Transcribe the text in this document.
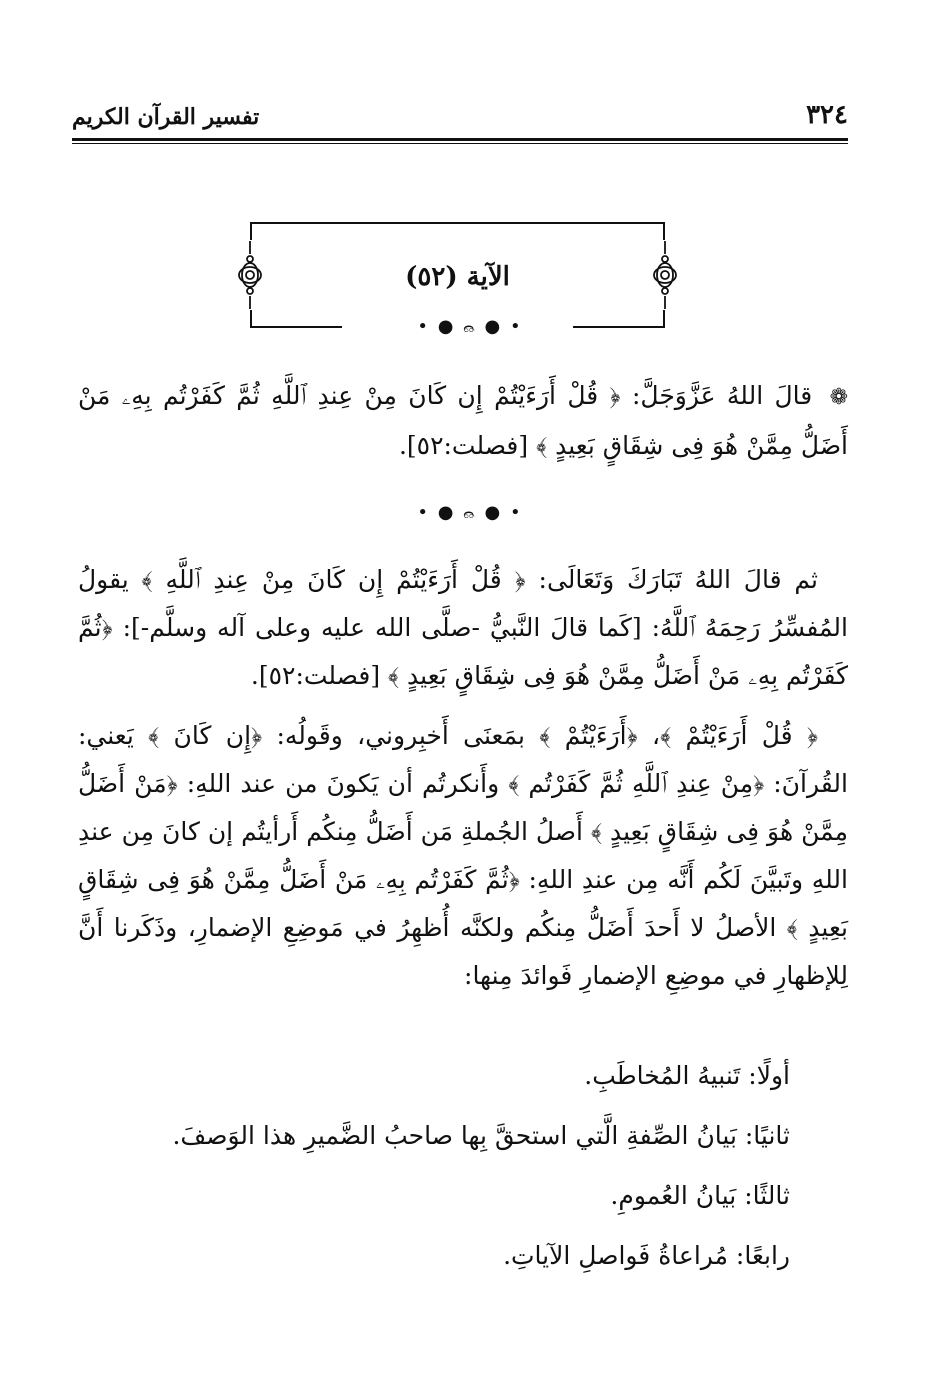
٣٢٤
تفسير القرآن الكريم
الآية (٥٢)
• ● ෬ ● •

❁ قالَ اللهُ عَزَّوَجَلَّ: ﴿ قُلْ أَرَءَيْتُمْ إِن كَانَ مِنْ عِندِ ٱللَّهِ ثُمَّ كَفَرْتُم بِهِۦ مَنْ أَضَلُّ مِمَّنْ هُوَ فِى شِقَاقٍ بَعِيدٍ ﴾ [فصلت:٥٢].

• ● ෬ ● •

ثم قالَ اللهُ تَبَارَكَ وَتَعَالَى: ﴿ قُلْ أَرَءَيْتُمْ إِن كَانَ مِنْ عِندِ ٱللَّهِ ﴾ يقولُ المُفسِّرُ رَحِمَهُ ٱللَّهُ: [كَما قالَ النَّبيُّ -صلَّى الله عليه وعلى آله وسلَّم-]: ﴿ثُمَّ كَفَرْتُم بِهِۦ مَنْ أَضَلُّ مِمَّنْ هُوَ فِى شِقَاقٍ بَعِيدٍ ﴾ [فصلت:٥٢].

﴿ قُلْ أَرَءَيْتُمْ ﴾، ﴿أَرَءَيْتُمْ ﴾ بمَعنَى أَخبِروني، وقَولُه: ﴿إِن كَانَ ﴾ يَعني: القُرآنَ: ﴿مِنْ عِندِ ٱللَّهِ ثُمَّ كَفَرْتُم ﴾ وأَنكرتُم أن يَكونَ من عند اللهِ: ﴿مَنْ أَضَلُّ مِمَّنْ هُوَ فِى شِقَاقٍ بَعِيدٍ ﴾ أَصلُ الجُملةِ مَن أَضَلُّ مِنكُم أَرأيتُم إن كانَ مِن عندِ اللهِ وتَبيَّنَ لَكُم أَنَّه مِن عندِ اللهِ: ﴿ثُمَّ كَفَرْتُم بِهِۦ مَنْ أَضَلُّ مِمَّنْ هُوَ فِى شِقَاقٍ بَعِيدٍ ﴾ الأصلُ لا أَحدَ أَضَلُّ مِنكُم ولكنَّه أُظهِرُ في مَوضِعِ الإضمارِ، وذَكَرنا أَنَّ لِلإظهارِ في موضِعِ الإضمارِ فَوائدَ مِنها:

أولًا: تَنبيهُ المُخاطَبِ.
ثانيًا: بَيانُ الصِّفةِ الَّتي استحقَّ بِها صاحبُ الضَّميرِ هذا الوَصفَ.
ثالثًا: بَيانُ العُمومِ.
رابعًا: مُراعاةُ فَواصلِ الآياتِ.
